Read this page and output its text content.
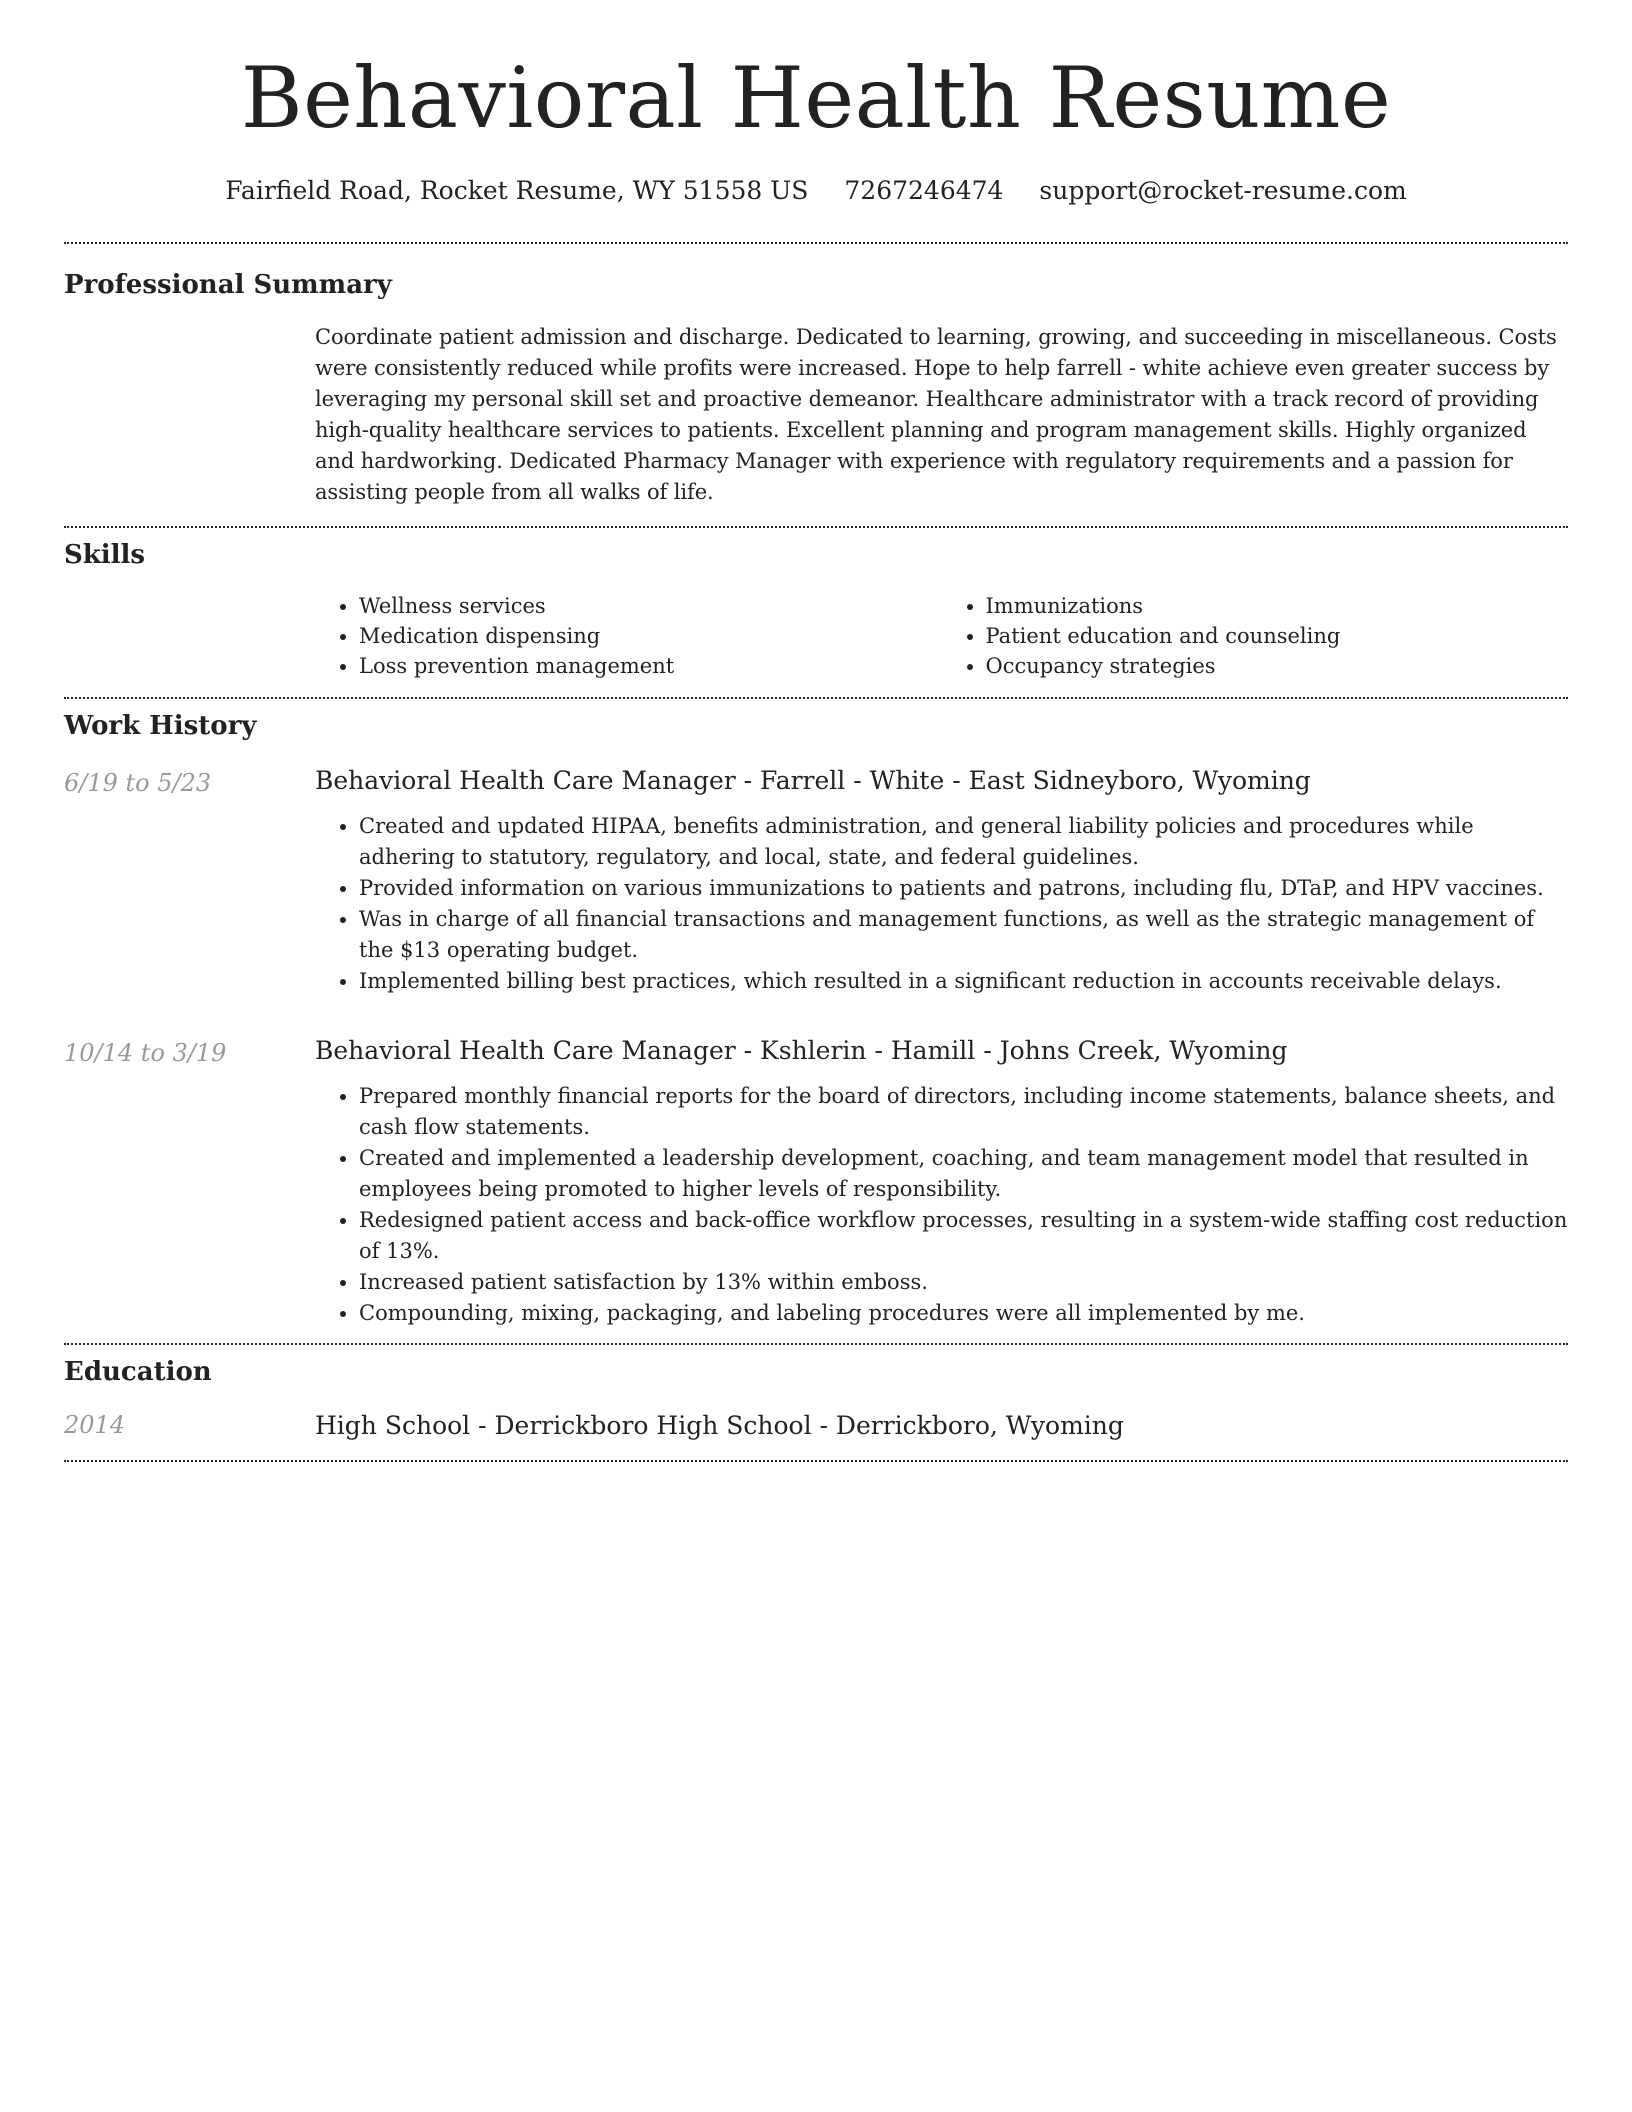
Behavioral Health Resume
Fairfield Road, Rocket Resume, WY 51558 US 7267246474 support@rocket-resume.com
Professional Summary

Coordinate patient admission and discharge. Dedicated to learning, growing, and succeeding in miscellaneous. Costs were consistently reduced while profits were increased. Hope to help farrell - white achieve even greater success by leveraging my personal skill set and proactive demeanor. Healthcare administrator with a track record of providing high-quality healthcare services to patients. Excellent planning and program management skills. Highly organized and hardworking. Dedicated Pharmacy Manager with experience with regulatory requirements and a passion for assisting people from all walks of life.

Skills
• Wellness services
• Medication dispensing
• Loss prevention management
• Immunizations
• Patient education and counseling
• Occupancy strategies
Work History
6/19 to 5/23	Behavioral Health Care Manager - Farrell - White - East Sidneyboro, Wyoming
• Created and updated HIPAA, benefits administration, and general liability policies and procedures while adhering to statutory, regulatory, and local, state, and federal guidelines.
• Provided information on various immunizations to patients and patrons, including flu, DTaP, and HPV vaccines.
• Was in charge of all financial transactions and management functions, as well as the strategic management of the $13 operating budget.
• Implemented billing best practices, which resulted in a significant reduction in accounts receivable delays.
10/14 to 3/19	Behavioral Health Care Manager - Kshlerin - Hamill - Johns Creek, Wyoming
• Prepared monthly financial reports for the board of directors, including income statements, balance sheets, and cash flow statements.
• Created and implemented a leadership development, coaching, and team management model that resulted in employees being promoted to higher levels of responsibility.
• Redesigned patient access and back-office workflow processes, resulting in a system-wide staffing cost reduction of 13%.
• Increased patient satisfaction by 13% within emboss.
• Compounding, mixing, packaging, and labeling procedures were all implemented by me.
Education
2014	High School - Derrickboro High School - Derrickboro, Wyoming
